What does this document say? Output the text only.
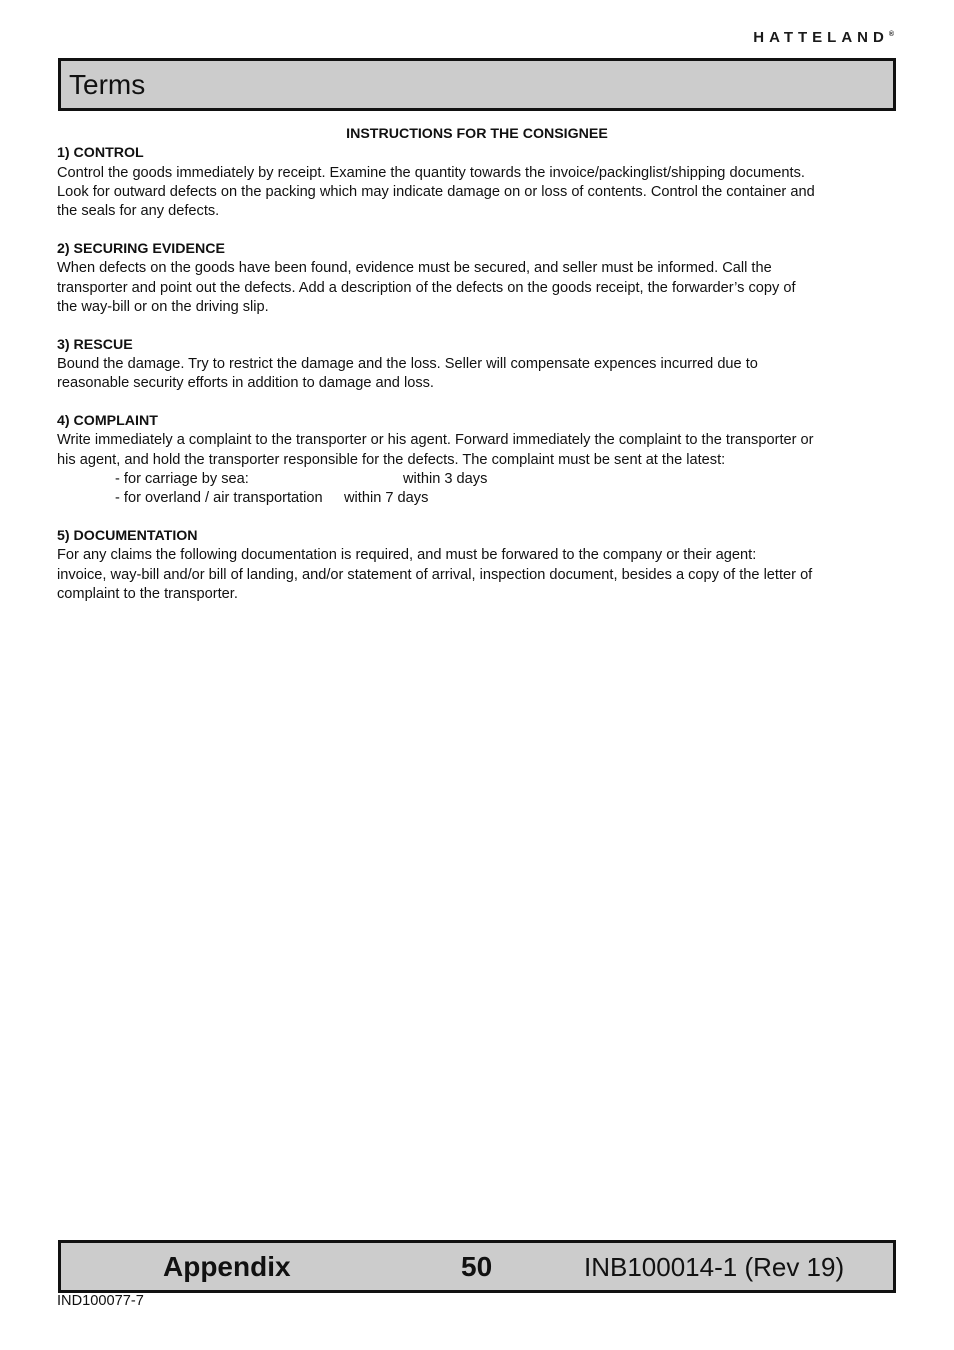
HATTELAND®
Terms
INSTRUCTIONS FOR THE CONSIGNEE
1) CONTROL

Control the goods immediately by receipt. Examine the quantity towards the invoice/packinglist/shipping documents.

Look for outward defects on the packing which may indicate damage on or loss of contents. Control the container and

the seals for any defects.

2) SECURING EVIDENCE

When defects on the goods have been found, evidence must be secured, and seller must be informed. Call the

transporter and point out the defects. Add a description of the defects on the goods receipt, the forwarder’s copy of

the way-bill or on the driving slip.

3) RESCUE

Bound the damage. Try to restrict the damage and the loss. Seller will compensate expences incurred due to

reasonable security efforts in addition to damage and loss.

4) COMPLAINT

Write immediately a complaint to the transporter or his agent. Forward immediately the complaint to the transporter or

his agent, and hold the transporter responsible for the defects. The complaint must be sent at the latest:

- for carriage by sea:	within 3 days
- for overland / air transportation	within 7 days
5) DOCUMENTATION

For any claims the following documentation is required, and must be forwared to the company or their agent:

invoice, way-bill and/or bill of landing, and/or statement of arrival, inspection document, besides a copy of the letter of

complaint to the transporter.

Appendix	50	INB100014-1 (Rev 19)
IND100077-7
